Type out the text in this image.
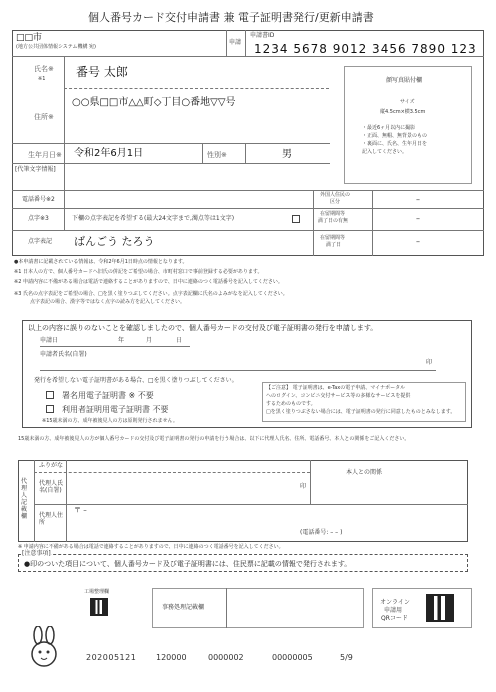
個人番号カード交付申請書 兼 電子証明書発行/更新申請書
□□市
(地方公共団体情報システム機構 宛)
申請
申請書ID
1234 5678 9012 3456 7890 123
氏名※
※1	番号 太郎
住所※
○○県□□市△△町◇丁目○番地▽▽号
生年月日※ 令和2年6月1日	性別※	男
[代筆文字情報]
顔写真貼付欄
サイズ
縦4.5cm×横3.5cm
・最近6ヶ月以内に撮影
・正面、無帽、無背景のもの
・裏面に、氏名、生年月日を
記入してください。
電話番号※2
点字※3	下欄の点字表記を希望する(最大24文字まで,濁点等は1文字)
点字表記 ばんごう たろう
外国人住民の
区分	–
在留期間等
満了日の有無	–
在留期間等
満了日	–
●本申請書に記載されている情報は、令和2年6月1日時点の情報となります。
※1 日本人の方で、個人番号カードへ旧氏の併記をご希望の場合、市町村窓口で事前登録する必要があります。
※2 申請内容に不備がある場合は電話で連絡することがありますので、日中に連絡のつく電話番号を記入してください。
※3 氏名の点字表記をご希望の場合、□を黒く塗りつぶしてください。点字表記欄に氏名のよみがなを記入してください。
点字表記の場合、漢字等ではなく点字の読み方を記入してください。
以上の内容に誤りのないことを確認しましたので、個人番号カードの交付及び電子証明書の発行を申請します。
申請日	年	月	日
申請者氏名(自署)
印
発行を希望しない電子証明書がある場合、□を黒く塗りつぶしてください。
署名用電子証明書 ※ 不要
利用者証明用電子証明書 不要
※15歳未満の方、成年被後見人の方は原則発行されません。
【ご注意】 電子証明書は、e-Taxの電子申請、マイナポータル
へのログイン、コンビニ交付サービス等の多様なサービスを提供
するためのものです。
□を黒く塗りつぶさない場合には、電子証明書の発行に同意したものとみなします。
15歳未満の方、成年被後見人の方が個人番号カードの交付及び電子証明書の発行の申請を行う場合は、以下に代理人氏名、住所、電話番号、本人との関係をご記入ください。
代理人記載欄
ふりがな
代理人氏名(自署)
印
本人との関係
代理人住所
〒 –
(電話番号: – – )
※ 申請内容に不備がある場合は電話で連絡することがありますので、日中に連絡のつく電話番号を記入してください。
[注意事項]
●印のついた項目について、個人番号カード及び電子証明書には、住民票に記載の情報で発行されます。
工場整理欄
事務処理記載欄
オンライン
申請用
QRコード
202005121 120000	0000002	00000005	5/9
